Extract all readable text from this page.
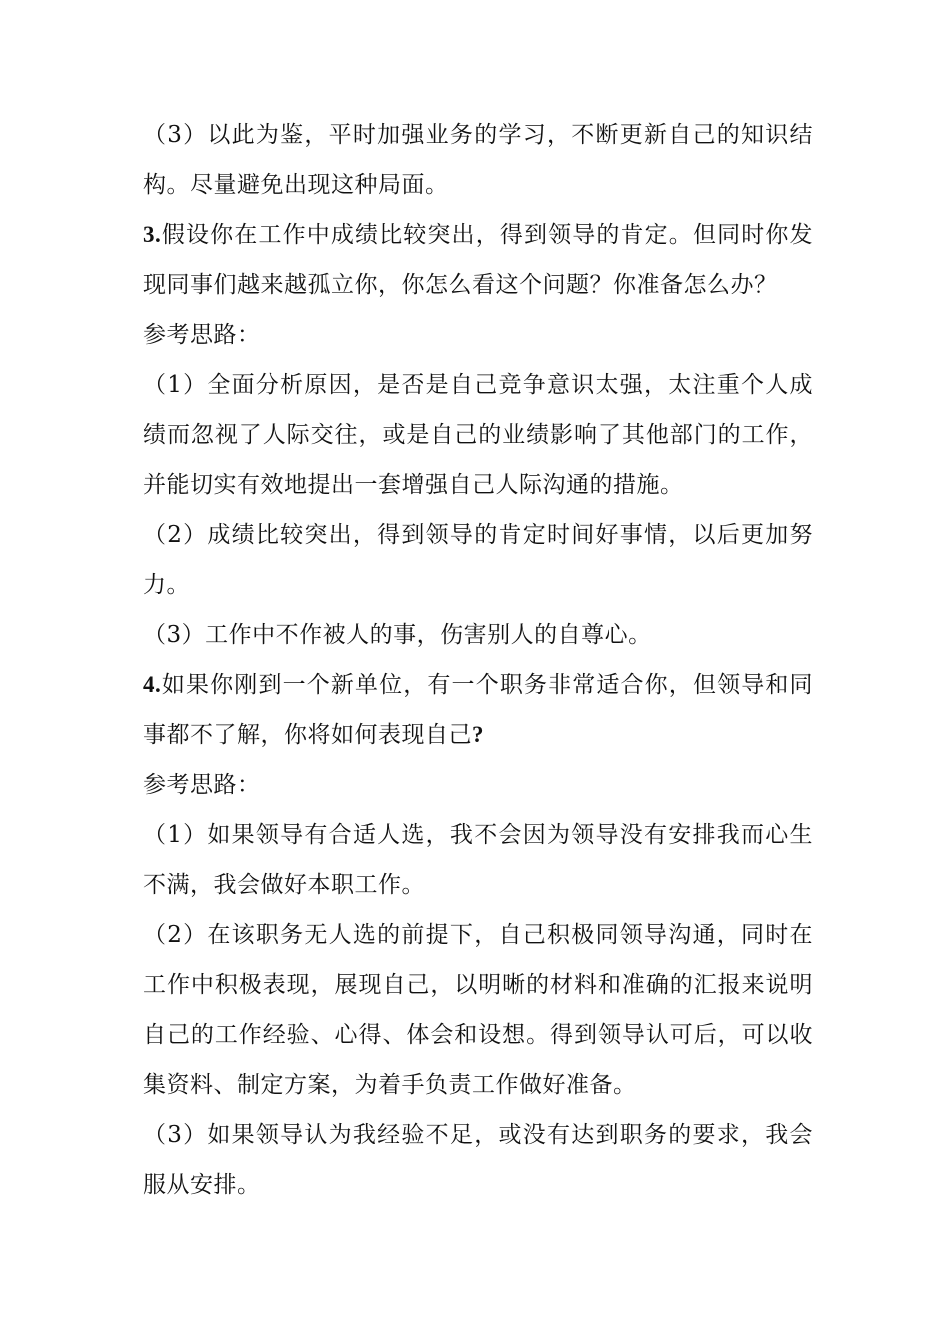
（3）以此为鉴，平时加强业务的学习，不断更新自己的知识结构。尽量避免出现这种局面。

3.假设你在工作中成绩比较突出，得到领导的肯定。但同时你发现同事们越来越孤立你，你怎么看这个问题？你准备怎么办？

参考思路：

（1）全面分析原因，是否是自己竞争意识太强，太注重个人成绩而忽视了人际交往，或是自己的业绩影响了其他部门的工作，并能切实有效地提出一套增强自己人际沟通的措施。

（2）成绩比较突出，得到领导的肯定时间好事情，以后更加努力。

（3）工作中不作被人的事，伤害别人的自尊心。

4.如果你刚到一个新单位，有一个职务非常适合你，但领导和同事都不了解，你将如何表现自己?

参考思路：

（1）如果领导有合适人选，我不会因为领导没有安排我而心生不满，我会做好本职工作。

（2）在该职务无人选的前提下，自己积极同领导沟通，同时在工作中积极表现，展现自己，以明晰的材料和准确的汇报来说明自己的工作经验、心得、体会和设想。得到领导认可后，可以收集资料、制定方案，为着手负责工作做好准备。

（3）如果领导认为我经验不足，或没有达到职务的要求，我会服从安排。
